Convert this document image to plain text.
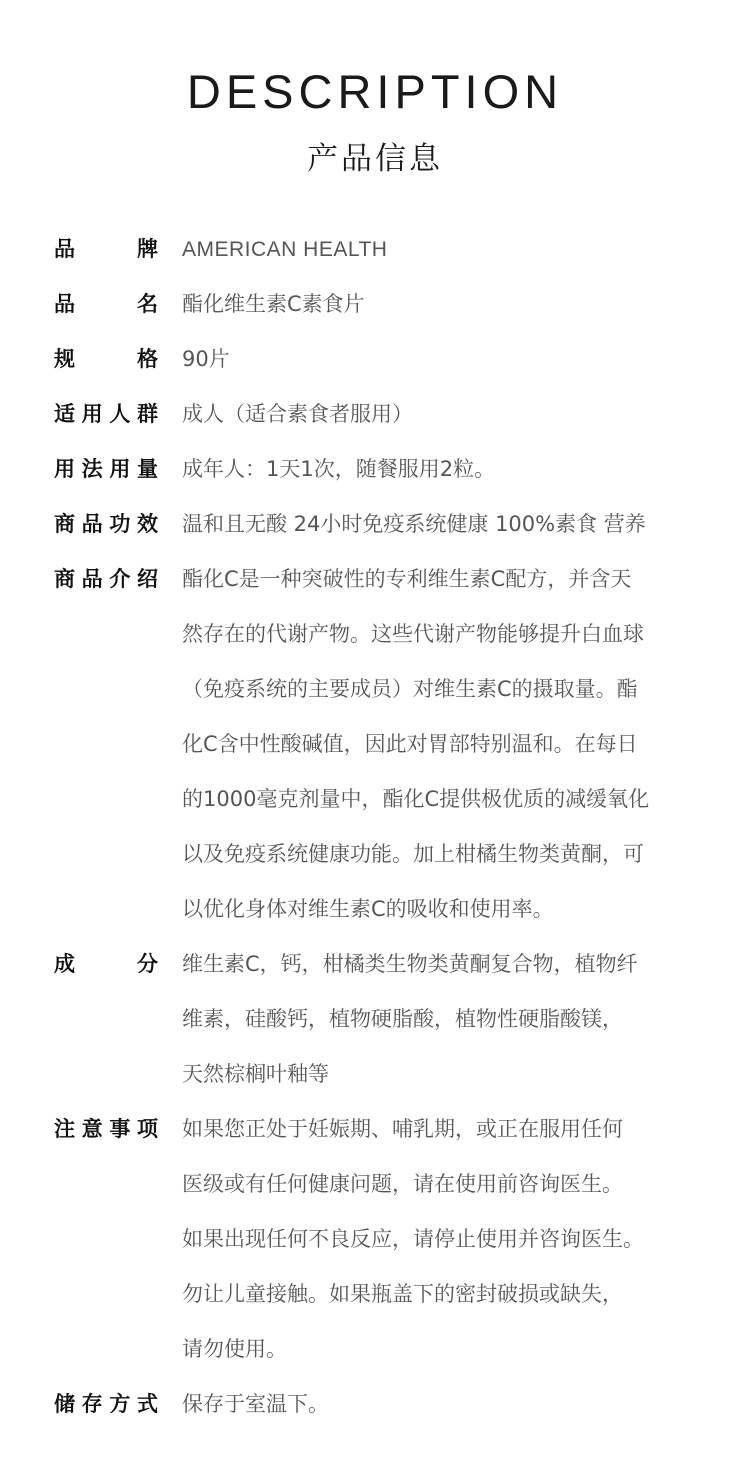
DESCRIPTION
产品信息
品　　牌 AMERICAN HEALTH
品　　名 酯化维生素C素食片
规　　格 90片
适用人群 成人（适合素食者服用）
用法用量 成年人：1天1次，随餐服用2粒。
商品功效 温和且无酸 24小时免疫系统健康 100%素食 营养
商品介绍 酯化C是一种突破性的专利维生素C配方，并含天
然存在的代谢产物。这些代谢产物能够提升白血球
（免疫系统的主要成员）对维生素C的摄取量。酯
化C含中性酸碱值，因此对胃部特别温和。在每日
的1000毫克剂量中，酯化C提供极优质的减缓氧化
以及免疫系统健康功能。加上柑橘生物类黄酮，可
以优化身体对维生素C的吸收和使用率。
成　　分 维生素C，钙，柑橘类生物类黄酮复合物，植物纤
维素，硅酸钙，植物硬脂酸，植物性硬脂酸镁，
天然棕榈叶釉等
注意事项 如果您正处于妊娠期、哺乳期，或正在服用任何
医级或有任何健康问题，请在使用前咨询医生。
如果出现任何不良反应，请停止使用并咨询医生。
勿让儿童接触。如果瓶盖下的密封破损或缺失，
请勿使用。
储存方式 保存于室温下。
